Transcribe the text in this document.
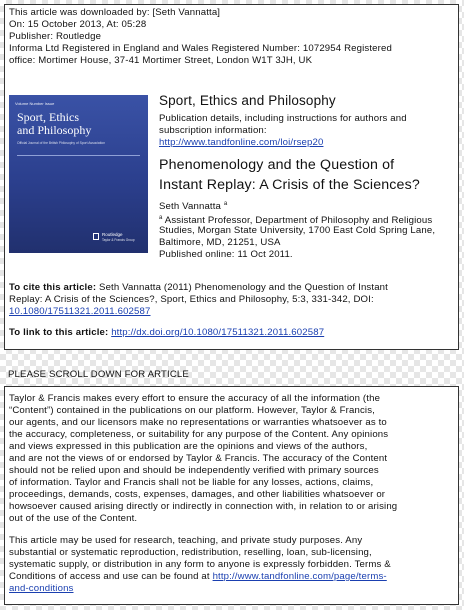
This article was downloaded by: [Seth Vannatta]
On: 15 October 2013, At: 05:28
Publisher: Routledge
Informa Ltd Registered in England and Wales Registered Number: 1072954 Registered
office: Mortimer House, 37-41 Mortimer Street, London W1T 3JH, UK
Volume Number Issue
Sport, Ethics
and Philosophy
Official Journal of the British Philosophy of Sport Association
Routledge
Taylor & Francis Group
Sport, Ethics and Philosophy
Publication details, including instructions for authors and
subscription information:
http://www.tandfonline.com/loi/rsep20
Phenomenology and the Question of
Instant Replay: A Crisis of the Sciences?
Seth Vannatta $^a$
$^a$ Assistant Professor, Department of Philosophy and Religious
Studies, Morgan State University, 1700 East Cold Spring Lane,
Baltimore, MD, 21251, USA
Published online: 11 Oct 2011.
To cite this article: Seth Vannatta (2011) Phenomenology and the Question of Instant
Replay: A Crisis of the Sciences?, Sport, Ethics and Philosophy, 5:3, 331-342, DOI:
10.1080/17511321.2011.602587
To link to this article: http://dx.doi.org/10.1080/17511321.2011.602587
PLEASE SCROLL DOWN FOR ARTICLE
Taylor & Francis makes every effort to ensure the accuracy of all the information (the
“Content”) contained in the publications on our platform. However, Taylor & Francis,
our agents, and our licensors make no representations or warranties whatsoever as to
the accuracy, completeness, or suitability for any purpose of the Content. Any opinions
and views expressed in this publication are the opinions and views of the authors,
and are not the views of or endorsed by Taylor & Francis. The accuracy of the Content
should not be relied upon and should be independently verified with primary sources
of information. Taylor and Francis shall not be liable for any losses, actions, claims,
proceedings, demands, costs, expenses, damages, and other liabilities whatsoever or
howsoever caused arising directly or indirectly in connection with, in relation to or arising
out of the use of the Content.
This article may be used for research, teaching, and private study purposes. Any
substantial or systematic reproduction, redistribution, reselling, loan, sub-licensing,
systematic supply, or distribution in any form to anyone is expressly forbidden. Terms &
Conditions of access and use can be found at http://www.tandfonline.com/page/terms-
and-conditions
